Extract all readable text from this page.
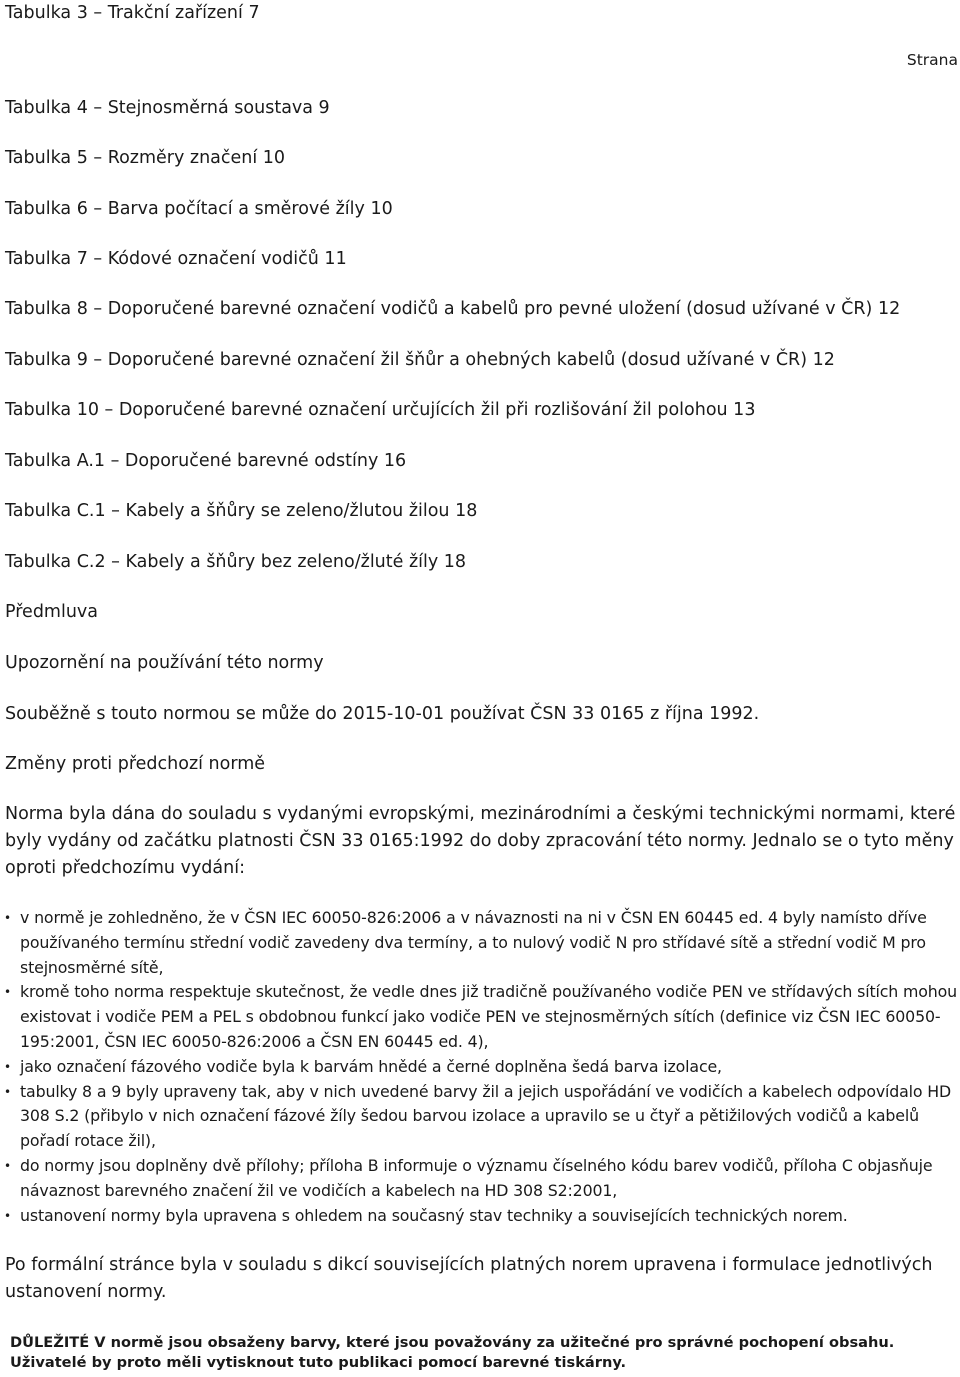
Tabulka 3 – Trakční zařízení 7
Strana
Tabulka 4 – Stejnosměrná soustava 9
Tabulka 5 – Rozměry značení 10
Tabulka 6 – Barva počítací a směrové žíly 10
Tabulka 7 – Kódové označení vodičů 11
Tabulka 8 – Doporučené barevné označení vodičů a kabelů pro pevné uložení (dosud užívané v ČR) 12
Tabulka 9 – Doporučené barevné označení žil šňůr a ohebných kabelů (dosud užívané v ČR) 12
Tabulka 10 – Doporučené barevné označení určujících žil při rozlišování žil polohou 13
Tabulka A.1 – Doporučené barevné odstíny 16
Tabulka C.1 – Kabely a šňůry se zeleno/žlutou žilou 18
Tabulka C.2 – Kabely a šňůry bez zeleno/žluté žíly 18
Předmluva
Upozornění na používání této normy
Souběžně s touto normou se může do 2015-10-01 používat ČSN 33 0165 z října 1992.
Změny proti předchozí normě
Norma byla dána do souladu s vydanými evropskými, mezinárodními a českými technickými normami, které byly vydány od začátku platnosti ČSN 33 0165:1992 do doby zpracování této normy. Jednalo se o tyto měny oproti předchozímu vydání:
• v normě je zohledněno, že v ČSN IEC 60050-826:2006 a v návaznosti na ni v ČSN EN 60445 ed. 4 byly namísto dříve používaného termínu střední vodič zavedeny dva termíny, a to nulový vodič N pro střídavé sítě a střední vodič M pro stejnosměrné sítě,
• kromě toho norma respektuje skutečnost, že vedle dnes již tradičně používaného vodiče PEN ve střídavých sítích mohou existovat i vodiče PEM a PEL s obdobnou funkcí jako vodiče PEN ve stejnosměrných sítích (definice viz ČSN IEC 60050-195:2001, ČSN IEC 60050-826:2006 a ČSN EN 60445 ed. 4),
• jako označení fázového vodiče byla k barvám hnědé a černé doplněna šedá barva izolace,
• tabulky 8 a 9 byly upraveny tak, aby v nich uvedené barvy žil a jejich uspořádání ve vodičích a kabelech odpovídalo HD 308 S.2 (přibylo v nich označení fázové žíly šedou barvou izolace a upravilo se u čtyř a pětižilových vodičů a kabelů pořadí rotace žil),
• do normy jsou doplněny dvě přílohy; příloha B informuje o významu číselného kódu barev vodičů, příloha C objasňuje návaznost barevného značení žil ve vodičích a kabelech na HD 308 S2:2001,
• ustanovení normy byla upravena s ohledem na současný stav techniky a souvisejících technických norem.
Po formální stránce byla v souladu s dikcí souvisejících platných norem upravena i formulace jednotlivých ustanovení normy.
DŮLEŽITÉ V normě jsou obsaženy barvy, které jsou považovány za užitečné pro správné pochopení obsahu. Uživatelé by proto měli vytisknout tuto publikaci pomocí barevné tiskárny.
